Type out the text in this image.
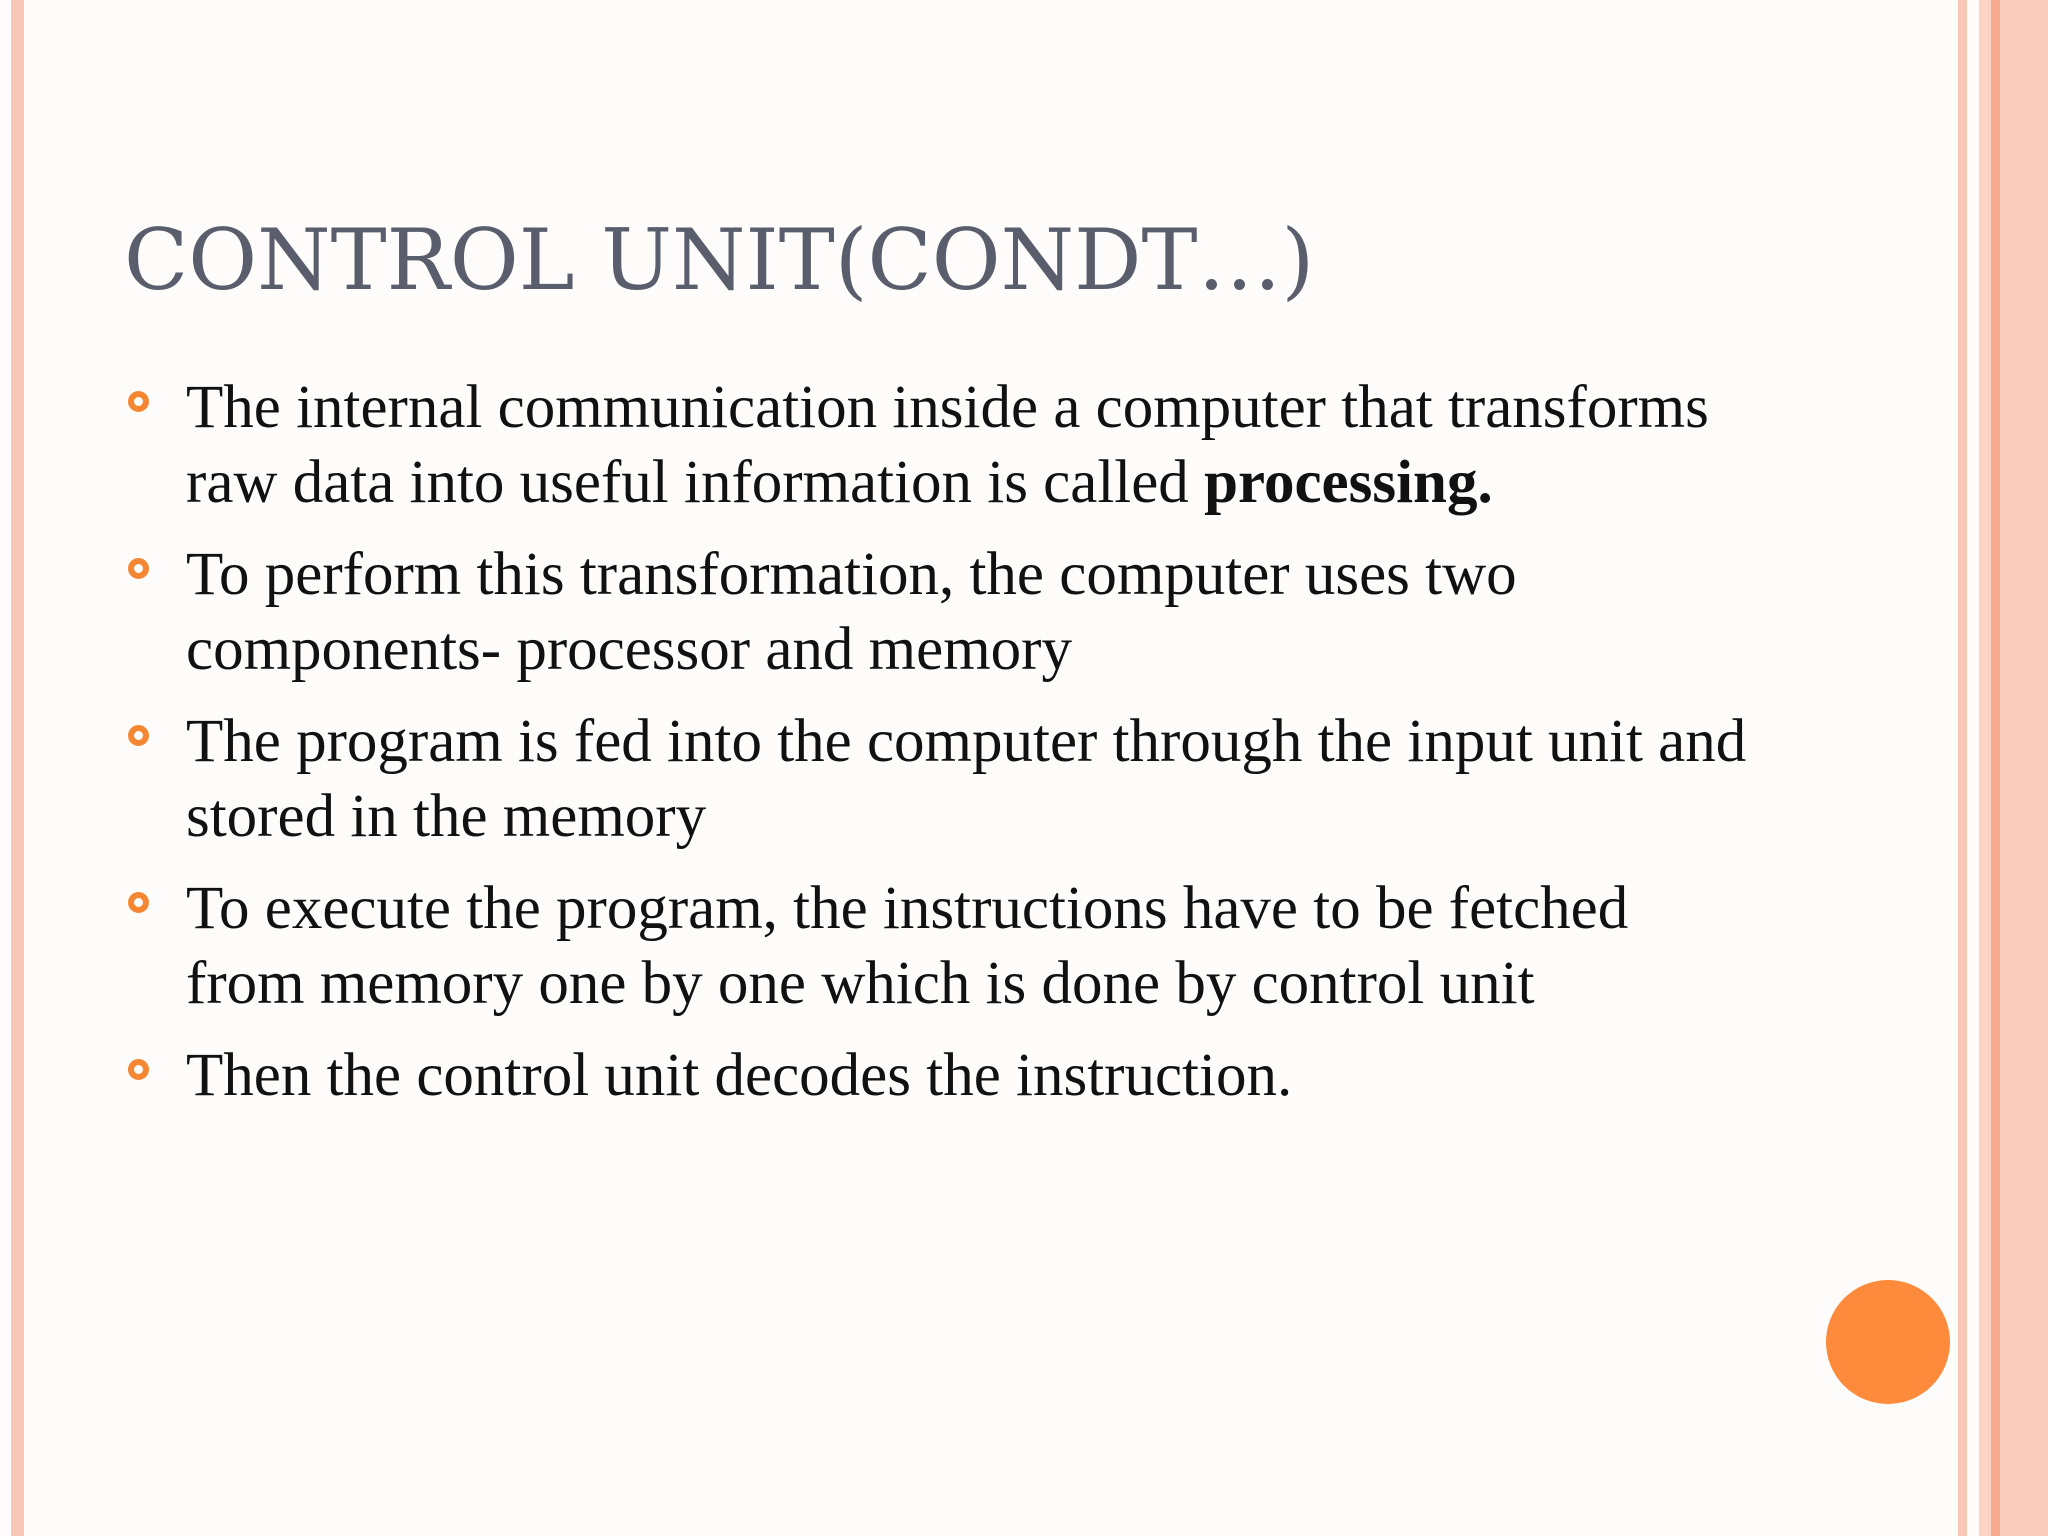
CONTROL UNIT(CONDT…)
The internal communication inside a computer that transforms raw data into useful information is called processing.
To perform this transformation, the computer uses two components- processor and memory
The program is fed into the computer through the input unit and stored in the memory
To execute the program, the instructions have to be fetched from memory one by one which is done by control unit
Then the control unit decodes the instruction.
